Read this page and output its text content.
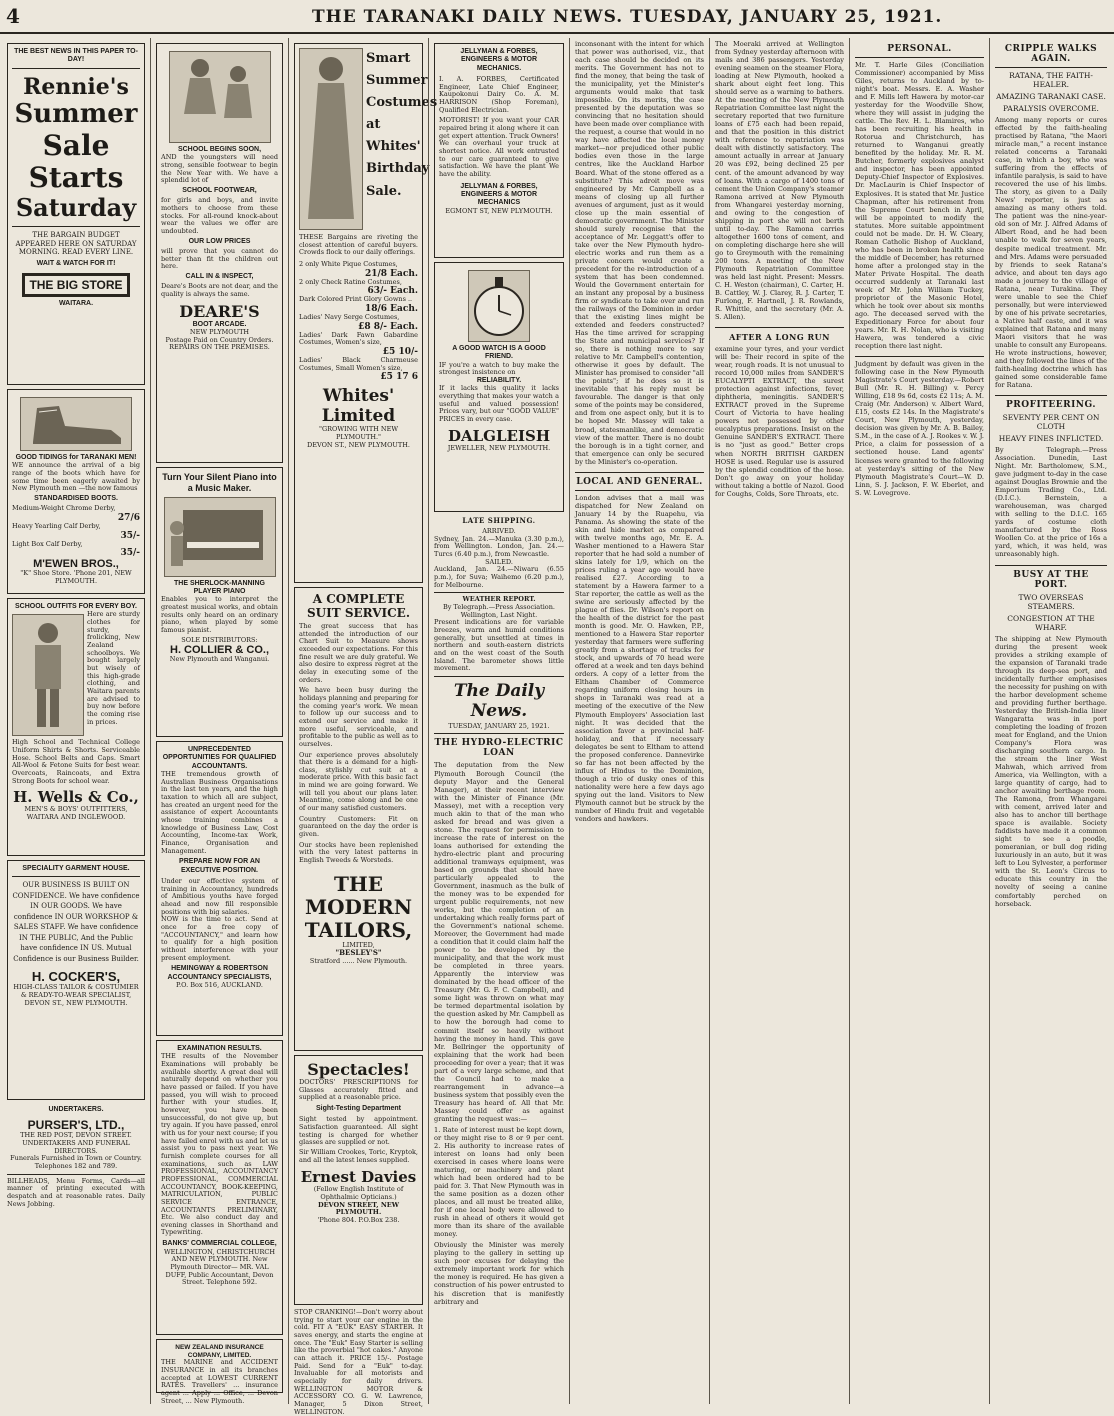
4	THE TARANAKI DAILY NEWS. TUESDAY, JANUARY 25, 1921.
THE BEST NEWS IN THIS PAPER TO-DAY!
Rennie's
Summer
Sale
Starts
Saturday
THE BARGAIN BUDGET APPEARED HERE ON SATURDAY MORNING. READ EVERY LINE.
WAIT & WATCH FOR IT!
THE BIG STORE
WAITARA.
GOOD TIDINGS for TARANAKI MEN!
WE announce the arrival of a big range of the boots which have for some time been eagerly awaited by New Plymouth men —the now famous
STANDARDISED BOOTS.
Medium-Weight Chrome Derby,
27/6
Heavy Yearling Calf Derby,
35/-
Light Box Calf Derby,
35/-
M'EWEN BROS.,
"K" Shoe Store. 'Phone 201, NEW PLYMOUTH.
SCHOOL OUTFITS FOR EVERY BOY.
Here are sturdy clothes for sturdy, frolicking, New Zealand schoolboys. We bought largely but wisely of this high-grade clothing, and Waitara parents are advised to buy now before the coming rise in prices.
High School and Technical College Uniform Shirts & Shorts. Serviceable Hose. School Belts and Caps. Smart All-Wool & Fetone Suits for best wear. Overcoats, Raincoats, and Extra Strong Boots for school wear.
H. Wells & Co.,
MEN'S & BOYS' OUTFITTERS, WAITARA AND INGLEWOOD.
SPECIALITY GARMENT HOUSE.
OUR BUSINESS IS BUILT ON CONFIDENCE. We have confidence IN OUR GOODS. We have confidence IN OUR WORKSHOP & SALES STAFF. We have confidence IN THE PUBLIC, And the Public have confidence IN US. Mutual Confidence is our Business Builder.
H. COCKER'S,
HIGH-CLASS TAILOR & COSTUMIER & READY-TO-WEAR SPECIALIST, DEVON ST., NEW PLYMOUTH.
UNDERTAKERS.
PURSER'S, LTD.,
THE RED POST, DEVON STREET.
UNDERTAKERS AND FUNERAL DIRECTORS.
Funerals Furnished in Town or Country. Telephones 182 and 789.
BILLHEADS, Menu Forms, Cards—all manner of printing executed with despatch and at reasonable rates. Daily News Jobbing.
SCHOOL BEGINS SOON,
AND the youngsters will need strong, sensible footwear to begin the New Year with. We have a splendid lot of
SCHOOL FOOTWEAR,
for girls and boys, and invite mothers to choose from these stocks. For all-round knock-about wear the values we offer are undoubted.
OUR LOW PRICES
will prove that you cannot do better than fit the children out here.
CALL IN & INSPECT,
Deare's Boots are not dear, and the quality is always the same.
DEARE'S
BOOT ARCADE.
NEW PLYMOUTH
Postage Paid on Country Orders. REPAIRS ON THE PREMISES.
Turn Your Silent Piano into a Music Maker.
THE SHERLOCK-MANNING PLAYER PIANO
Enables you to interpret the greatest musical works, and obtain results only heard on an ordinary piano, when played by some famous pianist.
SOLE DISTRIBUTORS:
H. COLLIER & CO.,
New Plymouth and Wanganui.
UNPRECEDENTED OPPORTUNITIES FOR QUALIFIED ACCOUNTANTS.
THE tremendous growth of Australian Business Organisations in the last ten years, and the high taxation to which all are subject, has created an urgent need for the assistance of expert Accountants whose training combines a knowledge of Business Law, Cost Accounting, Income-tax Work, Finance, Organisation and Management.
PREPARE NOW FOR AN EXECUTIVE POSITION.
Under our effective system of training in Accountancy, hundreds of Ambitious youths have forged ahead and now fill responsible positions with big salaries.
NOW is the time to act. Send at once for a free copy of "ACCOUNTANCY," and learn how to qualify for a high position without interference with your present employment.
HEMINGWAY & ROBERTSON ACCOUNTANCY SPECIALISTS,
P.O. Box 516, AUCKLAND.
EXAMINATION RESULTS.
THE results of the November Examinations will probably be available shortly. A great deal will naturally depend on whether you have passed or failed. If you have passed, you will wish to proceed further with your studies. If, however, you have been unsuccessful, do not give up, but try again. If you have passed, enrol with us for your next course; if you have failed enrol with us and let us assist you to pass next year. We furnish complete courses for all examinations, such as LAW PROFESSIONAL, ACCOUNTANCY PROFESSIONAL, COMMERCIAL ACCOUNTANCY, BOOK-KEEPING, MATRICULATION, PUBLIC SERVICE ENTRANCE, ACCOUNTANTS PRELIMINARY, Etc. We also conduct day and evening classes in Shorthand and Typewriting.
BANKS' COMMERCIAL COLLEGE,
WELLINGTON, CHRISTCHURCH AND NEW PLYMOUTH. New Plymouth Director— MR. VAL DUFF, Public Accountant, Devon Street. Telephone 592.
NEW ZEALAND INSURANCE COMPANY, LIMITED.
THE MARINE and ACCIDENT INSURANCE in all its branches accepted at LOWEST CURRENT RATES. Travellers' ... insurance agent ... Apply ... Office, ... Devon Street, ... New Plymouth.
Smart Summer Costumes at Whites' Birthday Sale.
THESE Bargains are riveting the closest attention of careful buyers. Crowds flock to our daily offerings.
2 only White Pique Costumes,
21/8 Each.
2 only Check Ratine Costumes,
63/- Each.
Dark Colored Print Glory Gowns ..
18/6 Each.
Ladies' Navy Serge Costumes,
£8 8/- Each.
Ladies' Dark Fawn Gabardine Costumes, Women's size,
£5 10/-
Ladies' Black Charmeuse Costumes, Small Women's size,
£5 17 6
Whites' Limited
"GROWING WITH NEW PLYMOUTH."
DEVON ST., NEW PLYMOUTH.
A COMPLETE SUIT SERVICE.
The great success that has attended the introduction of our Chart Suit to Measure shows exceeded our expectations. For this fine result we are duly grateful. We also desire to express regret at the delay in executing some of the orders.
We have been busy during the holidays planning and preparing for the coming year's work. We mean to follow up our success and to extend our service and make it more useful, serviceable, and profitable to the public as well as to ourselves.
Our experience proves absolutely that there is a demand for a high-class, stylishly cut suit at a moderate price. With this basic fact in mind we are going forward. We will tell you about our plans later. Meantime, come along and be one of our many satisfied customers.
Country Customers: Fit on guaranteed on the day the order is given.
Our stocks have been replenished with the very latest patterns in English Tweeds & Worsteds.
THE MODERN TAILORS,
LIMITED,
"BESLEY'S"
Stratford ...... New Plymouth.
Spectacles!
DOCTORS' PRESCRIPTIONS for Glasses accurately fitted and supplied at a reasonable price.
Sight-Testing Department
Sight tested by appointment. Satisfaction guaranteed. All sight testing is charged for whether glasses are supplied or not.
Sir William Crookes, Toric, Kryptok, and all the latest lenses supplied.
Ernest Davies
(Fellow English Institute of Ophthalmic Opticians.)
DEVON STREET, NEW PLYMOUTH.
'Phone 804. P.O.Box 238.
STOP CRANKING!—Don't worry about trying to start your car engine in the cold. FIT A "EUK" EASY STARTER. It saves energy, and starts the engine at once. The "Euk" Easy Starter is selling like the proverbial "hot cakes." Anyone can attach it. PRICE 15/-. Postage Paid. Send for a "Euk" to-day. Invaluable for all motorists and especially for daily drivers. WELLINGTON MOTOR & ACCESSORY CO. G. W. Lawrence, Manager, 5 Dixon Street, WELLINGTON.
JELLYMAN & FORBES, ENGINEERS & MOTOR MECHANICS.
I. A. FORBES, Certificated Engineer, Late Chief Engineer, Kaupokonui Dairy Co. A. M. HARRISON (Shop Foreman), Qualified Electrician.
MOTORIST! If you want your CAR repaired bring it along where it can get expert attention. Truck Owners! We can overhaul your truck at shortest notice. All work entrusted to our care guaranteed to give satisfaction. We have the plant We have the ability.
JELLYMAN & FORBES, ENGINEERS & MOTOR MECHANICS
EGMONT ST, NEW PLYMOUTH.
A GOOD WATCH IS A GOOD FRIEND.
IF you're a watch to buy make the strongest insistence on
RELIABILITY.
If it lacks this quality it lacks everything that makes your watch a useful and valued possession! Prices vary, but our "GOOD VALUE" PRICES in every case.
DALGLEISH
JEWELLER, NEW PLYMOUTH.
LATE SHIPPING.
ARRIVED.
Sydney, Jan. 24.—Manuka (3.30 p.m.), from Wellington. London, Jan. 24.—Turcs (6.40 p.m.), from Newcastle.
SAILED.
Auckland, Jan. 24.—Niwaru (6.55 p.m.), for Suva; Waihemo (6.20 p.m.), for Melbourne.
WEATHER REPORT.
By Telegraph.—Press Association. Wellington, Last Night.
Present indications are for variable breezes, warm and humid conditions generally, but unsettled at times in northern and south-eastern districts and on the west coast of the South Island. The barometer shows little movement.
The Daily News.
TUESDAY, JANUARY 25, 1921.
THE HYDRO-ELECTRIC LOAN
The deputation from the New Plymouth Borough Council (the deputy Mayor and the General Manager), at their recent interview with the Minister of Finance (Mr. Massey), met with a reception very much akin to that of the man who asked for bread and was given a stone. The request for permission to increase the rate of interest on the loans authorised for extending the hydro-electric plant and procuring additional tramways equipment, was based on grounds that should have particularly appealed to the Government, inasmuch as the bulk of the money was to be expended for urgent public requirements, not new works, but the completion of an undertaking which really forms part of the Government's national scheme. Moreover, the Government had made a condition that it could claim half the power to be developed by the municipality, and that the work must be completed in three years. Apparently the interview was dominated by the head officer of the Treasury (Mr. G. F. C. Campbell), and some light was thrown on what may be termed departmental isolation by the question asked by Mr. Campbell as to how the borough had come to commit itself so heavily without having the money in hand. This gave Mr. Bellringer the opportunity of explaining that the work had been proceeding for over a year; that it was part of a very large scheme, and that the Council had to make a rearrangement in advance—a business system that possibly even the Treasury has heard of. All that Mr. Massey could offer as against granting the request was:—
1. Rate of interest must be kept down, or they might rise to 8 or 9 per cent. 2. His authority to increase rates of interest on loans had only been exercised in cases where loans were maturing, or machinery and plant which had been ordered had to be paid for. 3. That New Plymouth was in the same position as a dozen other places, and all must be treated alike, for if one local body were allowed to rush in ahead of others it would get more than its share of the available money.
Obviously the Minister was merely playing to the gallery in setting up such poor excuses for delaying the extremely important work for which the money is required. He has given a construction of his power entrusted to his discretion that is manifestly arbitrary and
inconsonant with the intent for which that power was authorised, viz., that each case should be decided on its merits. The Government has not to find the money, that being the task of the municipality, yet the Minister's arguments would make that task impossible. On its merits, the case presented by the deputation was so convincing that no hesitation should have been made over compliance with the request, a course that would in no way have affected the local money market—nor prejudiced other public bodies even those in the large centres, like the Auckland Harbor Board. What of the stone offered as a substitute? This adroit move was engineered by Mr. Campbell as a means of closing up all further avenues of argument, just as it would close up the main essential of democratic government. The Minister should surely recognise that the acceptance of Mr. Leggatt's offer to take over the New Plymouth hydro-electric works and run them as a private concern would create a precedent for the re-introduction of a system that has been condemned. Would the Government entertain for an instant any proposal by a business firm or syndicate to take over and run the railways of the Dominion in order that the existing lines might be extended and feeders constructed? Has the time arrived for scrapping the State and municipal services? If so, there is nothing more to say relative to Mr. Campbell's contention, otherwise it goes by default. The Minister has promised to consider "all the points"; if he does so it is inevitable that his reply must be favourable. The danger is that only some of the points may be considered, and from one aspect only, but it is to be hoped Mr. Massey will take a broad, statesmanlike, and democratic view of the matter. There is no doubt the borough is in a tight corner, and that emergence can only be secured by the Minister's co-operation.
LOCAL AND GENERAL.
London advises that a mail was dispatched for New Zealand on January 14 by the Ruapehu, via Panama. As showing the state of the skin and hide market as compared with twelve months ago, Mr. E. A. Washer mentioned to a Hawera Star reporter that he had sold a number of skins lately for 1/9, which on the prices ruling a year ago would have realised £27. According to a statement by a Hawera farmer to a Star reporter, the cattle as well as the swine are seriously affected by the plague of flies. Dr. Wilson's report on the health of the district for the past month is good. Mr. O. Hawken, P.P., mentioned to a Hawera Star reporter yesterday that farmers were suffering greatly from a shortage of trucks for stock, and upwards of 70 head were offered at a week and ten days behind orders. A copy of a letter from the Eltham Chamber of Commerce regarding uniform closing hours in shops in Taranaki was read at a meeting of the executive of the New Plymouth Employers' Association last night. It was decided that the association favor a provincial half-holiday, and that if necessary delegates be sent to Eltham to attend the proposed conference. Dannevirke so far has not been affected by the influx of Hindus to the Dominion, though a trio of dusky ones of this nationality were here a few days ago spying out the land. Visitors to New Plymouth cannot but be struck by the number of Hindu fruit and vegetable vendors and hawkers.
The Moeraki arrived at Wellington from Sydney yesterday afternoon with mails and 386 passengers. Yesterday evening seamen on the steamer Flora, loading at New Plymouth, hooked a shark about eight feet long. This should serve as a warning to bathers. At the meeting of the New Plymouth Repatriation Committee last night the secretary reported that two furniture loans of £75 each had been repaid, and that the position in this district with reference to repatriation was dealt with distinctly satisfactory. The amount actually in arrear at January 20 was £92, being declined 25 per cent. of the amount advanced by way of loans. With a cargo of 1400 tons of cement the Union Company's steamer Ramona arrived at New Plymouth from Whangarei yesterday morning, and owing to the congestion of shipping in port she will not berth until to-day. The Ramona carries altogether 1600 tons of cement, and on completing discharge here she will go to Greymouth with the remaining 200 tons. A meeting of the New Plymouth Repatriation Committee was held last night. Present: Messrs. C. H. Weston (chairman), C. Carter, H. B. Cattley, W. J. Clarey, R. J. Carter, T. Furlong, F. Hartnell, J. R. Rowlands, R. Whittle, and the secretary (Mr. A. S. Allen).
AFTER A LONG RUN
examine your tyres, and your verdict will be: Their record in spite of the wear, rough roads. It is not unusual to record 10,000 miles from SANDER'S EUCALYPTI EXTRACT, the surest protection against infections, fever, diphtheria, meningitis. SANDER'S EXTRACT proved in the Supreme Court of Victoria to have healing powers not possessed by other eucalyptus preparations. Insist on the Genuine SANDER'S EXTRACT. There is no "just as good." Better crops when NORTH BRITISH GARDEN HOSE is used. Regular use is assured by the splendid condition of the hose. Don't go away on your holiday without taking a bottle of Nazol. Good for Coughs, Colds, Sore Throats, etc.
PERSONAL.
Mr. T. Harle Giles (Conciliation Commissioner) accompanied by Miss Giles, returns to Auckland by to-night's boat. Messrs. E. A. Washer and F. Mills left Hawera by motor-car yesterday for the Woodville Show, where they will assist in judging the cattle. The Rev. H. L. Blamires, who has been recruiting his health in Rotorua and Christchurch, has returned to Wanganui greatly benefited by the holiday. Mr. R. M. Butcher, formerly explosives analyst and inspector, has been appointed Deputy-Chief Inspector of Explosives. Dr. MacLaurin is Chief Inspector of Explosives. It is stated that Mr. Justice Chapman, after his retirement from the Supreme Court bench in April, will be appointed to modify the statutes. More suitable appointment could not be made. Dr. H. W. Cleary, Roman Catholic Bishop of Auckland, who has been in broken health since the middle of December, has returned home after a prolonged stay in the Mater Private Hospital. The death occurred suddenly at Taranaki last week of Mr. John William Tuckey, proprietor of the Masonic Hotel, which he took over about six months ago. The deceased served with the Expeditionary Force for about four years. Mr. R. H. Nolan, who is visiting Hawera, was tendered a civic reception there last night.
Judgment by default was given in the following case in the New Plymouth Magistrate's Court yesterday.—Robert Bull (Mr. R. H. Billing) v. Percy Willing, £18 9s 6d, costs £2 11s; A. M. Craig (Mr. Anderson) v. Albert Ward, £15, costs £2 14s. In the Magistrate's Court, New Plymouth, yesterday, decision was given by Mr. A. B. Bailey, S.M., in the case of A. J. Rookes v. W. J. Price, a claim for possession of a sectioned house. Land agents' licenses were granted to the following at yesterday's sitting of the New Plymouth Magistrate's Court—W. D. Linn, S. J. Jackson, F. W. Eberlet, and S. W. Lovegrove.
CRIPPLE WALKS AGAIN.
RATANA, THE FAITH-HEALER.
AMAZING TARANAKI CASE.
PARALYSIS OVERCOME.
Among many reports or cures effected by the faith-healing practised by Ratana, "the Maori miracle man," a recent instance related concerns a Taranaki case, in which a boy, who was suffering from the effects of infantile paralysis, is said to have recovered the use of his limbs. The story, as given to a Daily News' reporter, is just as amazing as many others told. The patient was the nine-year-old son of Mr. J. Alfred Adams of Albert Road, and he had been unable to walk for seven years, despite medical treatment. Mr. and Mrs. Adams were persuaded by friends to seek Ratana's advice, and about ten days ago made a journey to the village of Ratana, near Turakina. They were unable to see the Chief personally, but were interviewed by one of his private secretaries, a Native half caste, and it was explained that Ratana and many Maori visitors that he was unable to consult any Europeans. He wrote instructions, however, and they followed the lines of the faith-healing doctrine which has gained some considerable fame for Ratana.
PROFITEERING.
SEVENTY PER CENT ON CLOTH
HEAVY FINES INFLICTED.
By Telegraph.—Press Association. Dunedin, Last Night. Mr. Bartholomew, S.M., gave judgment to-day in the case against Douglas Brownie and the Emporium Trading Co., Ltd. (D.I.C.). Bernstein, a warehouseman, was charged with selling to the D.I.C. 165 yards of costume cloth manufactured by the Ross Woollen Co. at the price of 16s a yard, which, it was held, was unreasonably high.
BUSY AT THE PORT.
TWO OVERSEAS STEAMERS.
CONGESTION AT THE WHARF.
The shipping at New Plymouth during the present week provides a striking example of the expansion of Taranaki trade through its deep-sea port, and incidentally further emphasises the necessity for pushing on with the harbor development scheme and providing further berthage. Yesterday the British-India liner Wangaratta was in port completing the loading of frozen meat for England, and the Union Company's Flora was discharging southern cargo. In the stream the liner West Mahwah, which arrived from America, via Wellington, with a large quantity of cargo, had to anchor awaiting berthage room. The Ramona, from Whangarei with cement, arrived later and also has to anchor till berthage space is available. Society faddists have made it a common sight to see a poodle, pomeranian, or bull dog riding luxuriously in an auto, but it was left to Lou Sylvester, a performer with the St. Leon's Circus to educate this country in the novelty of seeing a canine comfortably perched on horseback.
